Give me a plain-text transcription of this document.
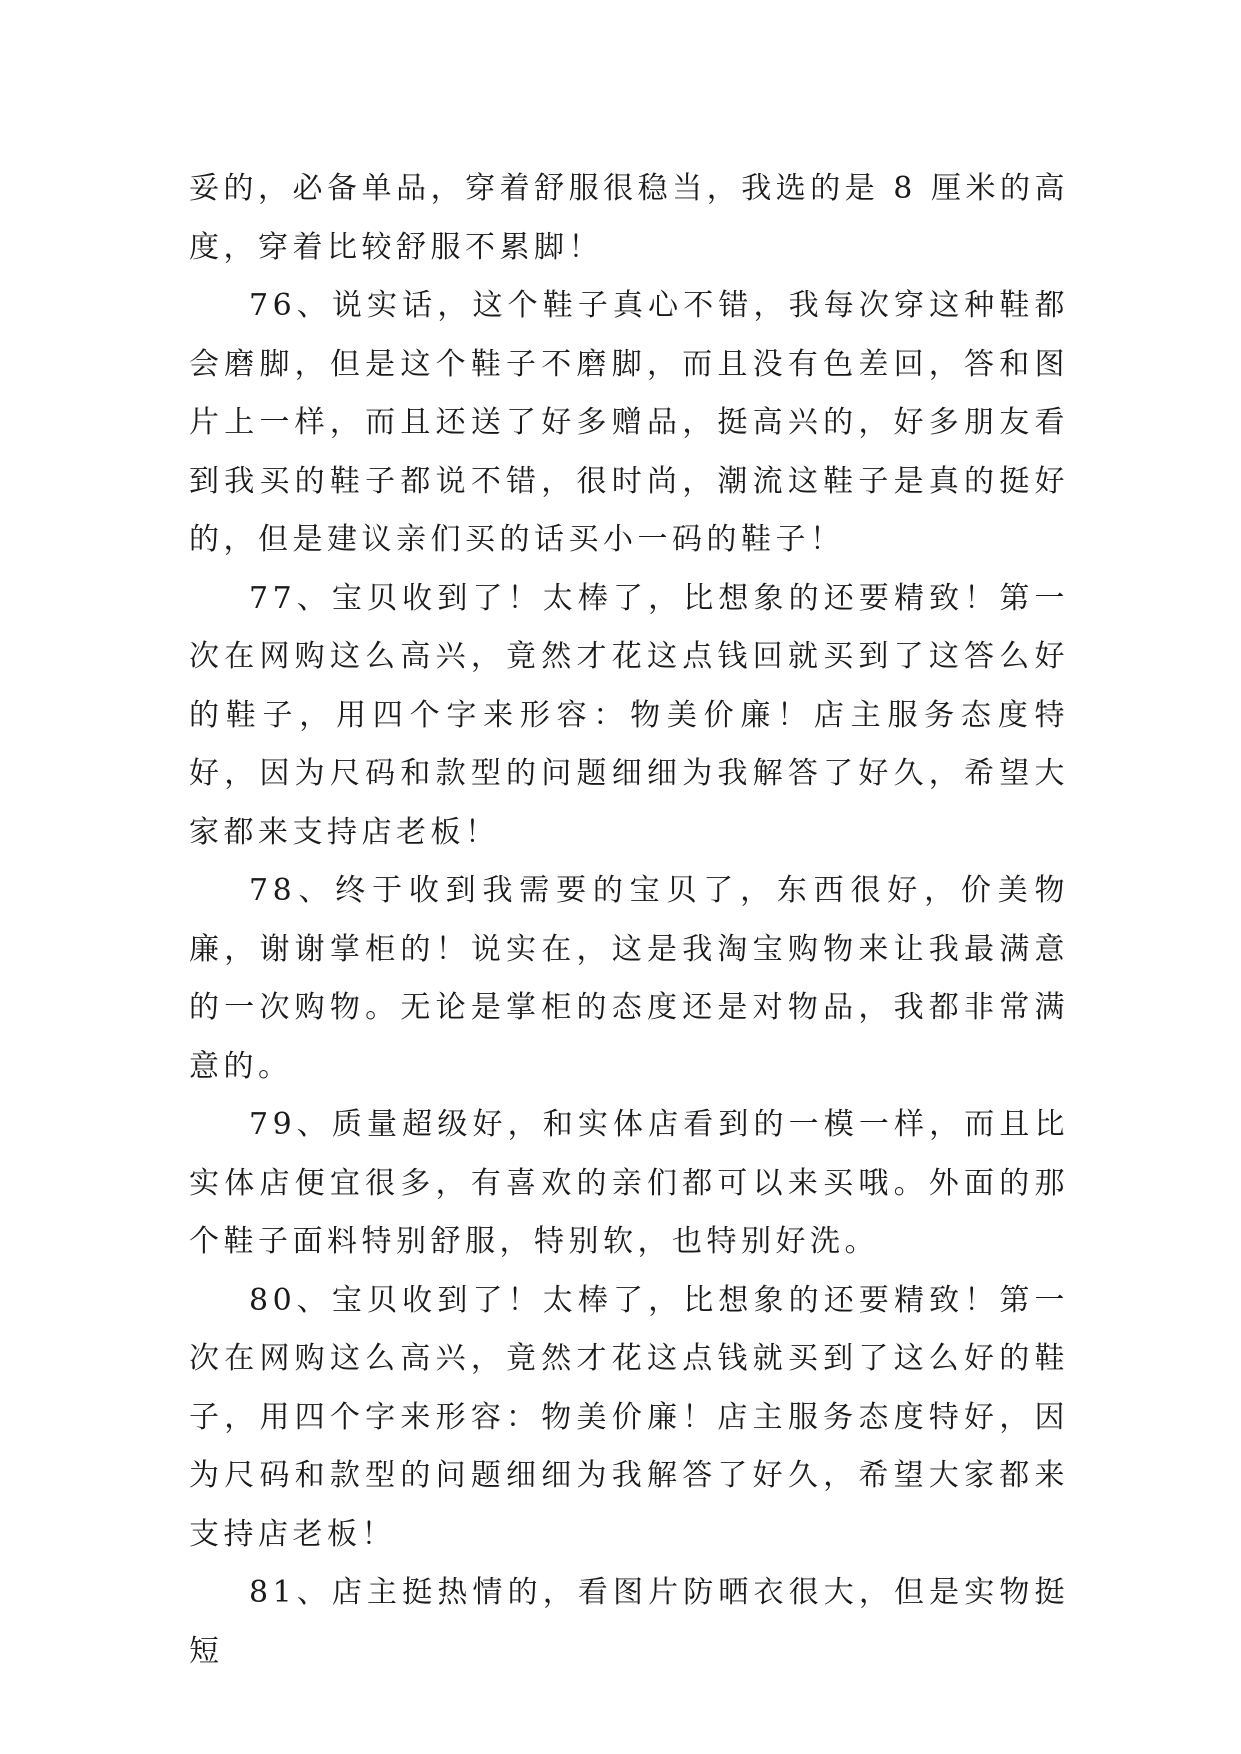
妥的，必备单品，穿着舒服很稳当，我选的是 8 厘米的高度，穿着比较舒服不累脚！

76、说实话，这个鞋子真心不错，我每次穿这种鞋都会磨脚，但是这个鞋子不磨脚，而且没有色差回，答和图片上一样，而且还送了好多赠品，挺高兴的，好多朋友看到我买的鞋子都说不错，很时尚，潮流这鞋子是真的挺好的，但是建议亲们买的话买小一码的鞋子！

77、宝贝收到了！太棒了，比想象的还要精致！第一次在网购这么高兴，竟然才花这点钱回就买到了这答么好的鞋子，用四个字来形容：物美价廉！店主服务态度特好，因为尺码和款型的问题细细为我解答了好久，希望大家都来支持店老板！

78、终于收到我需要的宝贝了，东西很好，价美物廉，谢谢掌柜的！说实在，这是我淘宝购物来让我最满意的一次购物。无论是掌柜的态度还是对物品，我都非常满意的。

79、质量超级好，和实体店看到的一模一样，而且比实体店便宜很多，有喜欢的亲们都可以来买哦。外面的那个鞋子面料特别舒服，特别软，也特别好洗。

80、宝贝收到了！太棒了，比想象的还要精致！第一次在网购这么高兴，竟然才花这点钱就买到了这么好的鞋子，用四个字来形容：物美价廉！店主服务态度特好，因为尺码和款型的问题细细为我解答了好久，希望大家都来支持店老板！

81、店主挺热情的，看图片防晒衣很大，但是实物挺短
